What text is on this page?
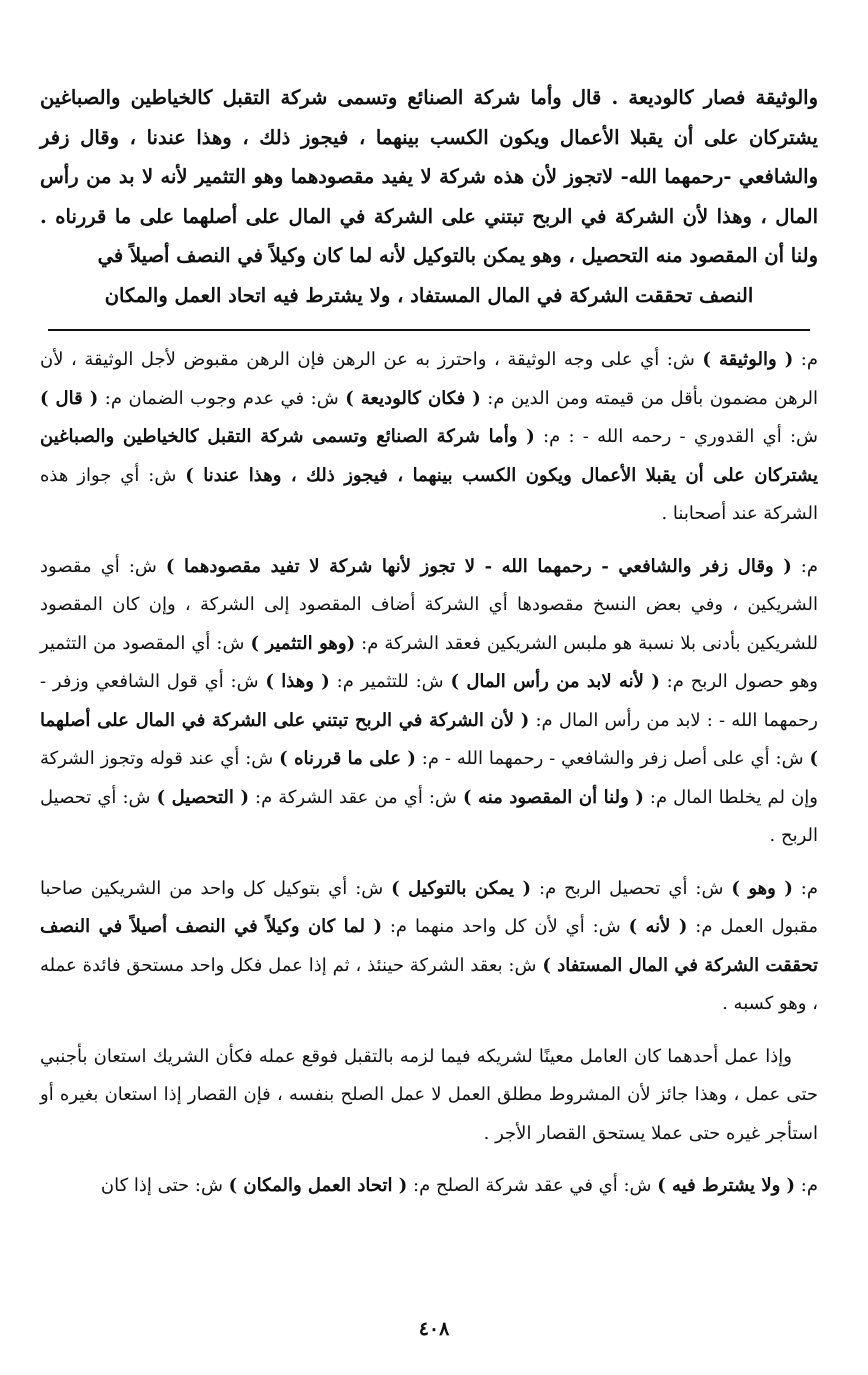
والوثيقة فصار كالوديعة . قال وأما شركة الصنائع وتسمى شركة التقبل كالخياطين والصباغين يشتركان على أن يقبلا الأعمال ويكون الكسب بينهما ، فيجوز ذلك ، وهذا عندنا ، وقال زفر والشافعي -رحمهما الله- لاتجوز لأن هذه شركة لا يفيد مقصودهما وهو التثمير لأنه لا بد من رأس المال ، وهذا لأن الشركة في الربح تبتني على الشركة في المال على أصلهما على ما قررناه . ولنا أن المقصود منه التحصيل ، وهو يمكن بالتوكيل لأنه لما كان وكيلاً في النصف أصيلاً في
النصف تحققت الشركة في المال المستفاد ، ولا يشترط فيه اتحاد العمل والمكان

م: ( والوثيقة ) ش: أي على وجه الوثيقة ، واحترز به عن الرهن فإن الرهن مقبوض لأجل الوثيقة ، لأن الرهن مضمون بأقل من قيمته ومن الدين م: ( فكان كالوديعة ) ش: في عدم وجوب الضمان م: ( قال ) ش: أي القدوري - رحمه الله - : م: ( وأما شركة الصنائع وتسمى شركة التقبل كالخياطين والصباغين يشتركان على أن يقبلا الأعمال ويكون الكسب بينهما ، فيجوز ذلك ، وهذا عندنا ) ش: أي جواز هذه الشركة عند أصحابنا .

م: ( وقال زفر والشافعي - رحمهما الله - لا تجوز لأنها شركة لا تفيد مقصودهما ) ش: أي مقصود الشريكين ، وفي بعض النسخ مقصودها أي الشركة أضاف المقصود إلى الشركة ، وإن كان المقصود للشريكين بأدنى بلا نسبة هو ملبس الشريكين فعقد الشركة م: (وهو التثمير ) ش: أي المقصود من التثمير وهو حصول الربح م: ( لأنه لابد من رأس المال ) ش: للتثمير م: ( وهذا ) ش: أي قول الشافعي وزفر - رحمهما الله - : لابد من رأس المال م: ( لأن الشركة في الربح تبتني على الشركة في المال على أصلهما ) ش: أي على أصل زفر والشافعي - رحمهما الله - م: ( على ما قررناه ) ش: أي عند قوله وتجوز الشركة وإن لم يخلطا المال م: ( ولنا أن المقصود منه ) ش: أي من عقد الشركة م: ( التحصيل ) ش: أي تحصيل الربح .

م: ( وهو ) ش: أي تحصيل الربح م: ( يمكن بالتوكيل ) ش: أي بتوكيل كل واحد من الشريكين صاحبا مقبول العمل م: ( لأنه ) ش: أي لأن كل واحد منهما م: ( لما كان وكيلاً في النصف أصيلاً في النصف تحققت الشركة في المال المستفاد ) ش: بعقد الشركة حينئذ ، ثم إذا عمل فكل واحد مستحق فائدة عمله ، وهو كسبه .

وإذا عمل أحدهما كان العامل معينًا لشريكه فيما لزمه بالتقبل فوقع عمله فكأن الشريك استعان بأجنبي حتى عمل ، وهذا جائز لأن المشروط مطلق العمل لا عمل الصلح بنفسه ، فإن القصار إذا استعان بغيره أو استأجر غيره حتى عملا يستحق القصار الأجر .

م: ( ولا يشترط فيه ) ش: أي في عقد شركة الصلح م: ( اتحاد العمل والمكان ) ش: حتى إذا كان

٤٠٨
